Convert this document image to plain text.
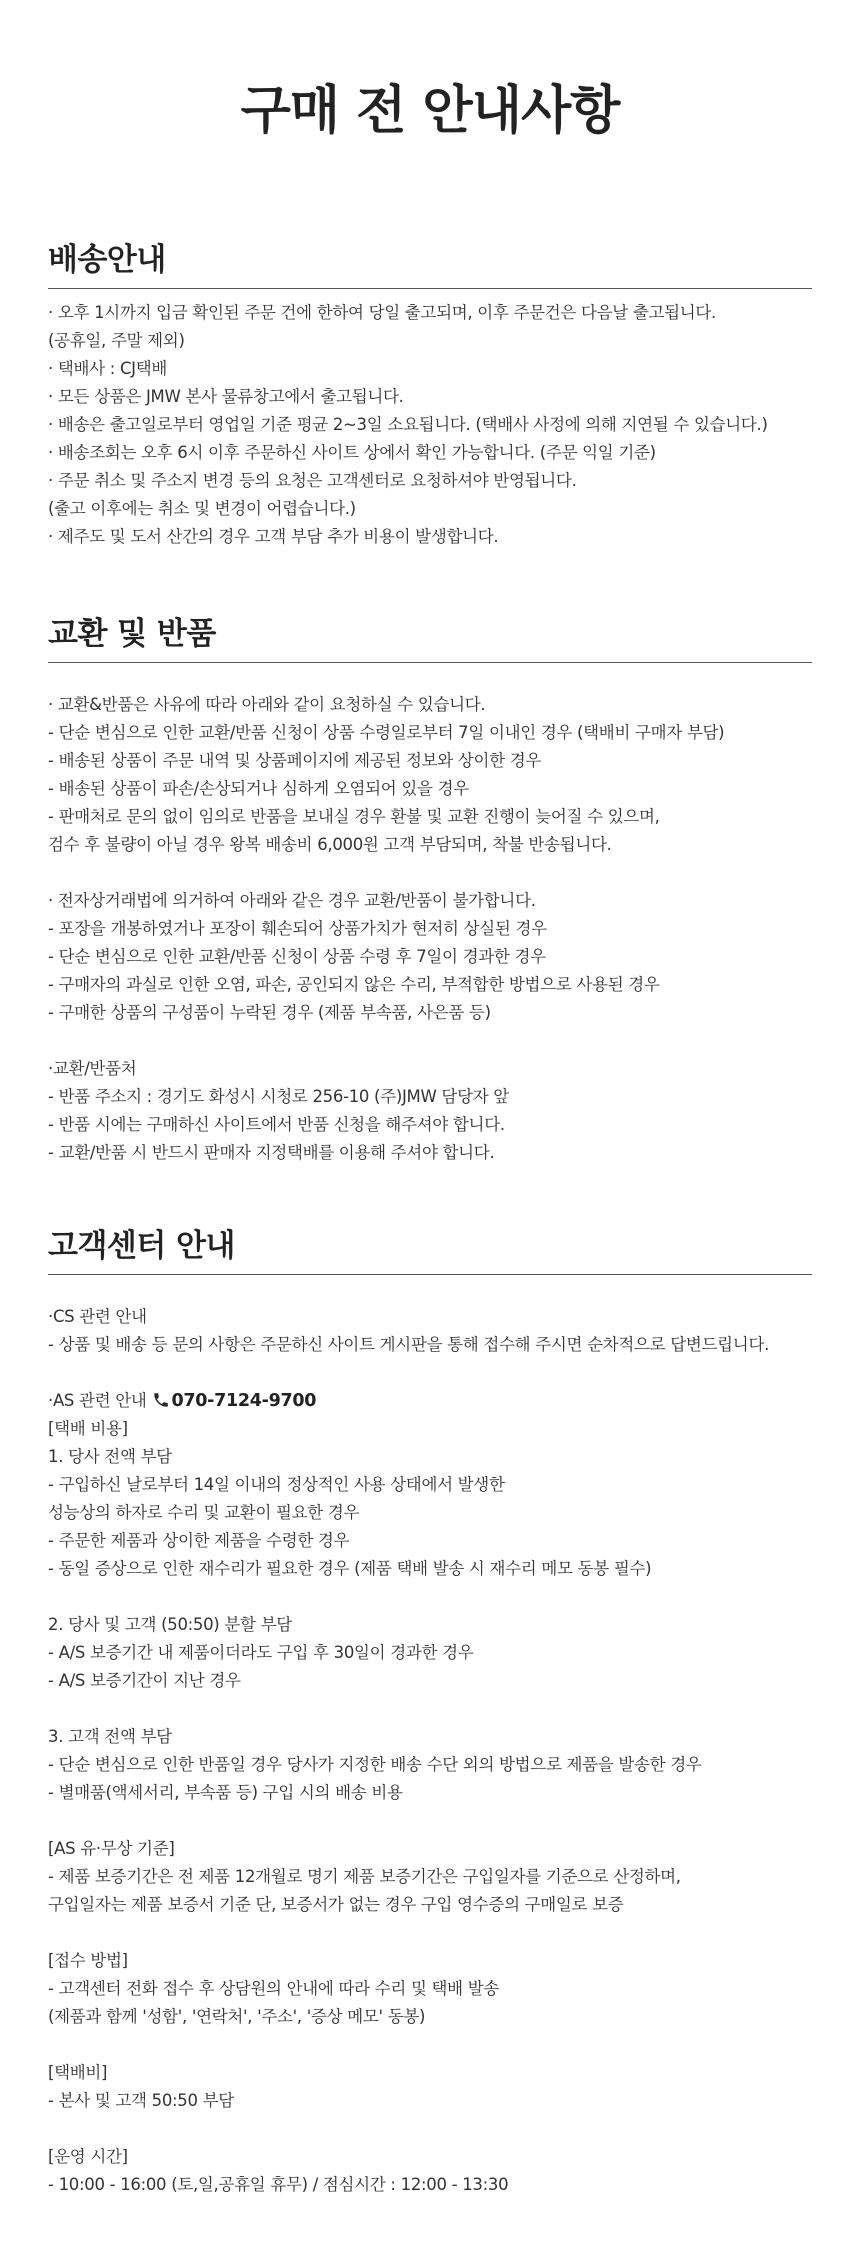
구매 전 안내사항
배송안내
· 오후 1시까지 입금 확인된 주문 건에 한하여 당일 출고되며, 이후 주문건은 다음날 출고됩니다.
(공휴일, 주말 제외)
· 택배사 : CJ택배
· 모든 상품은 JMW 본사 물류창고에서 출고됩니다.
· 배송은 출고일로부터 영업일 기준 평균 2~3일 소요됩니다. (택배사 사정에 의해 지연될 수 있습니다.)
· 배송조회는 오후 6시 이후 주문하신 사이트 상에서 확인 가능합니다. (주문 익일 기준)
· 주문 취소 및 주소지 변경 등의 요청은 고객센터로 요청하셔야 반영됩니다.
(출고 이후에는 취소 및 변경이 어렵습니다.)
· 제주도 및 도서 산간의 경우 고객 부담 추가 비용이 발생합니다.
교환 및 반품
· 교환&반품은 사유에 따라 아래와 같이 요청하실 수 있습니다.
- 단순 변심으로 인한 교환/반품 신청이 상품 수령일로부터 7일 이내인 경우 (택배비 구매자 부담)
- 배송된 상품이 주문 내역 및 상품페이지에 제공된 정보와 상이한 경우
- 배송된 상품이 파손/손상되거나 심하게 오염되어 있을 경우
- 판매처로 문의 없이 임의로 반품을 보내실 경우 환불 및 교환 진행이 늦어질 수 있으며,
검수 후 불량이 아닐 경우 왕복 배송비 6,000원 고객 부담되며, 착불 반송됩니다.
· 전자상거래법에 의거하여 아래와 같은 경우 교환/반품이 불가합니다.
- 포장을 개봉하였거나 포장이 훼손되어 상품가치가 현저히 상실된 경우
- 단순 변심으로 인한 교환/반품 신청이 상품 수령 후 7일이 경과한 경우
- 구매자의 과실로 인한 오염, 파손, 공인되지 않은 수리, 부적합한 방법으로 사용된 경우
- 구매한 상품의 구성품이 누락된 경우 (제품 부속품, 사은품 등)
·교환/반품처
- 반품 주소지 : 경기도 화성시 시청로 256-10 (주)JMW 담당자 앞
- 반품 시에는 구매하신 사이트에서 반품 신청을 해주셔야 합니다.
- 교환/반품 시 반드시 판매자 지정택배를 이용해 주셔야 합니다.
고객센터 안내
·CS 관련 안내
- 상품 및 배송 등 문의 사항은 주문하신 사이트 게시판을 통해 접수해 주시면 순차적으로 답변드립니다.
·AS 관련 안내 070-7124-9700
[택배 비용]
1. 당사 전액 부담
- 구입하신 날로부터 14일 이내의 정상적인 사용 상태에서 발생한
성능상의 하자로 수리 및 교환이 필요한 경우
- 주문한 제품과 상이한 제품을 수령한 경우
- 동일 증상으로 인한 재수리가 필요한 경우 (제품 택배 발송 시 재수리 메모 동봉 필수)
2. 당사 및 고객 (50:50) 분할 부담
- A/S 보증기간 내 제품이더라도 구입 후 30일이 경과한 경우
- A/S 보증기간이 지난 경우
3. 고객 전액 부담
- 단순 변심으로 인한 반품일 경우 당사가 지정한 배송 수단 외의 방법으로 제품을 발송한 경우
- 별매품(액세서리, 부속품 등) 구입 시의 배송 비용
[AS 유·무상 기준]
- 제품 보증기간은 전 제품 12개월로 명기 제품 보증기간은 구입일자를 기준으로 산정하며,
구입일자는 제품 보증서 기준 단, 보증서가 없는 경우 구입 영수증의 구매일로 보증
[접수 방법]
- 고객센터 전화 접수 후 상담원의 안내에 따라 수리 및 택배 발송
(제품과 함께 '성함', '연락처', '주소', '증상 메모' 동봉)
[택배비]
- 본사 및 고객 50:50 부담
[운영 시간]
- 10:00 - 16:00 (토,일,공휴일 휴무) / 점심시간 : 12:00 - 13:30
